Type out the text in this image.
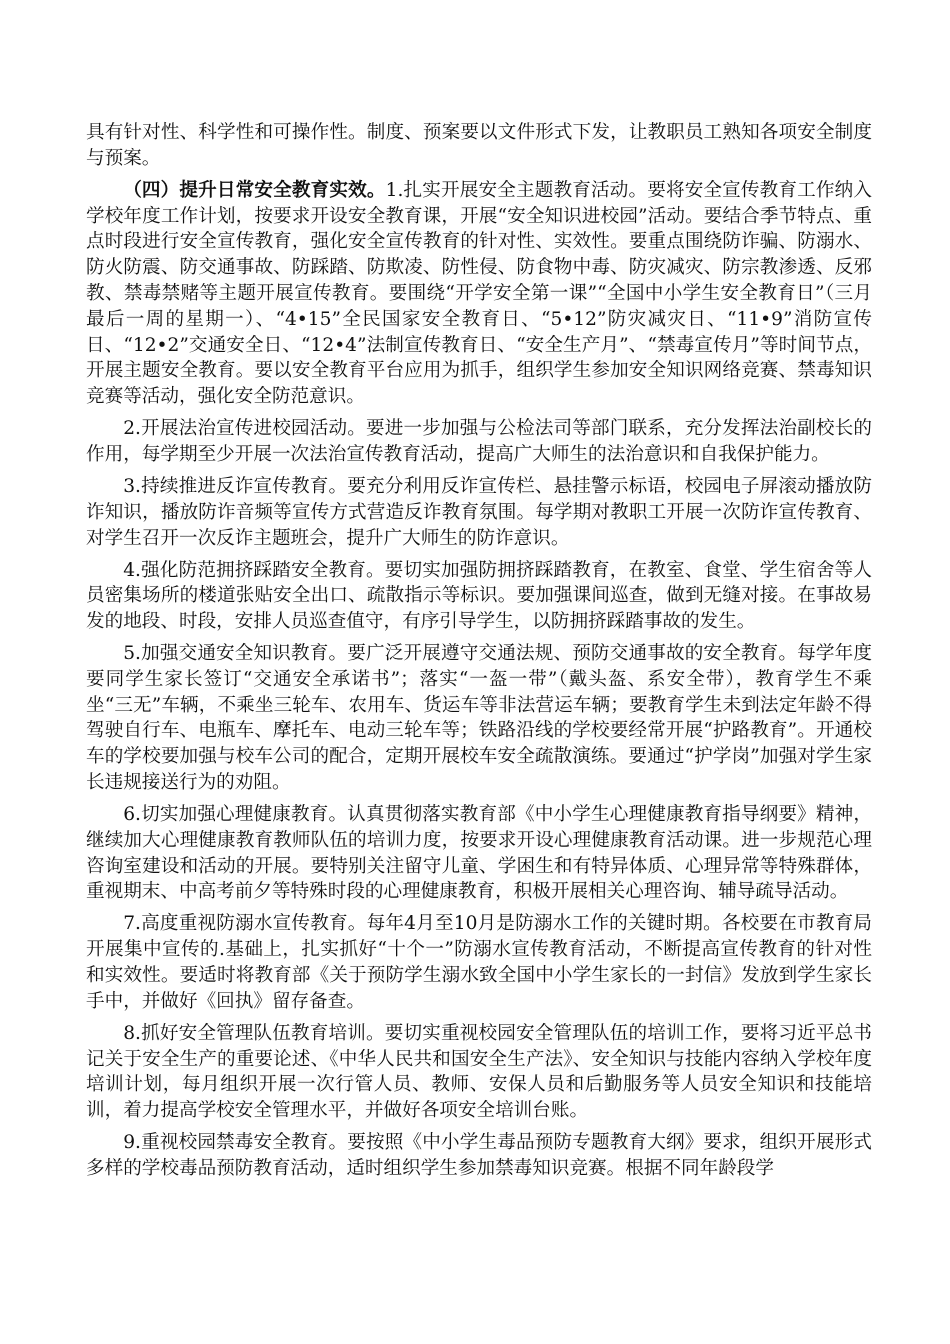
具有针对性、科学性和可操作性。制度、预案要以文件形式下发，让教职员工熟知各项安全制度与预案。

（四）提升日常安全教育实效。1.扎实开展安全主题教育活动。要将安全宣传教育工作纳入学校年度工作计划，按要求开设安全教育课，开展“安全知识进校园”活动。要结合季节特点、重点时段进行安全宣传教育，强化安全宣传教育的针对性、实效性。要重点围绕防诈骗、防溺水、防火防震、防交通事故、防踩踏、防欺凌、防性侵、防食物中毒、防灾减灾、防宗教渗透、反邪教、禁毒禁赌等主题开展宣传教育。要围绕“开学安全第一课”“全国中小学生安全教育日”（三月最后一周的星期一）、“4•15”全民国家安全教育日、“5•12”防灾减灾日、“11•9”消防宣传日、“12•2”交通安全日、“12•4”法制宣传教育日、“安全生产月”、“禁毒宣传月”等时间节点，开展主题安全教育。要以安全教育平台应用为抓手，组织学生参加安全知识网络竞赛、禁毒知识竞赛等活动，强化安全防范意识。

2.开展法治宣传进校园活动。要进一步加强与公检法司等部门联系，充分发挥法治副校长的作用，每学期至少开展一次法治宣传教育活动，提高广大师生的法治意识和自我保护能力。

3.持续推进反诈宣传教育。要充分利用反诈宣传栏、悬挂警示标语，校园电子屏滚动播放防诈知识，播放防诈音频等宣传方式营造反诈教育氛围。每学期对教职工开展一次防诈宣传教育、对学生召开一次反诈主题班会，提升广大师生的防诈意识。

4.强化防范拥挤踩踏安全教育。要切实加强防拥挤踩踏教育，在教室、食堂、学生宿舍等人员密集场所的楼道张贴安全出口、疏散指示等标识。要加强课间巡查，做到无缝对接。在事故易发的地段、时段，安排人员巡查值守，有序引导学生，以防拥挤踩踏事故的发生。

5.加强交通安全知识教育。要广泛开展遵守交通法规、预防交通事故的安全教育。每学年度要同学生家长签订“交通安全承诺书”；落实“一盔一带”（戴头盔、系安全带），教育学生不乘坐“三无”车辆，不乘坐三轮车、农用车、货运车等非法营运车辆；要教育学生未到法定年龄不得驾驶自行车、电瓶车、摩托车、电动三轮车等；铁路沿线的学校要经常开展“护路教育”。开通校车的学校要加强与校车公司的配合，定期开展校车安全疏散演练。要通过“护学岗”加强对学生家长违规接送行为的劝阻。

6.切实加强心理健康教育。认真贯彻落实教育部《中小学生心理健康教育指导纲要》精神，继续加大心理健康教育教师队伍的培训力度，按要求开设心理健康教育活动课。进一步规范心理咨询室建设和活动的开展。要特别关注留守儿童、学困生和有特异体质、心理异常等特殊群体，重视期末、中高考前夕等特殊时段的心理健康教育，积极开展相关心理咨询、辅导疏导活动。

7.高度重视防溺水宣传教育。每年4月至10月是防溺水工作的关键时期。各校要在市教育局开展集中宣传的.基础上，扎实抓好“十个一”防溺水宣传教育活动，不断提高宣传教育的针对性和实效性。要适时将教育部《关于预防学生溺水致全国中小学生家长的一封信》发放到学生家长手中，并做好《回执》留存备查。

8.抓好安全管理队伍教育培训。要切实重视校园安全管理队伍的培训工作，要将习近平总书记关于安全生产的重要论述、《中华人民共和国安全生产法》、安全知识与技能内容纳入学校年度培训计划，每月组织开展一次行管人员、教师、安保人员和后勤服务等人员安全知识和技能培训，着力提高学校安全管理水平，并做好各项安全培训台账。

9.重视校园禁毒安全教育。要按照《中小学生毒品预防专题教育大纲》要求，组织开展形式多样的学校毒品预防教育活动，适时组织学生参加禁毒知识竞赛。根据不同年龄段学
